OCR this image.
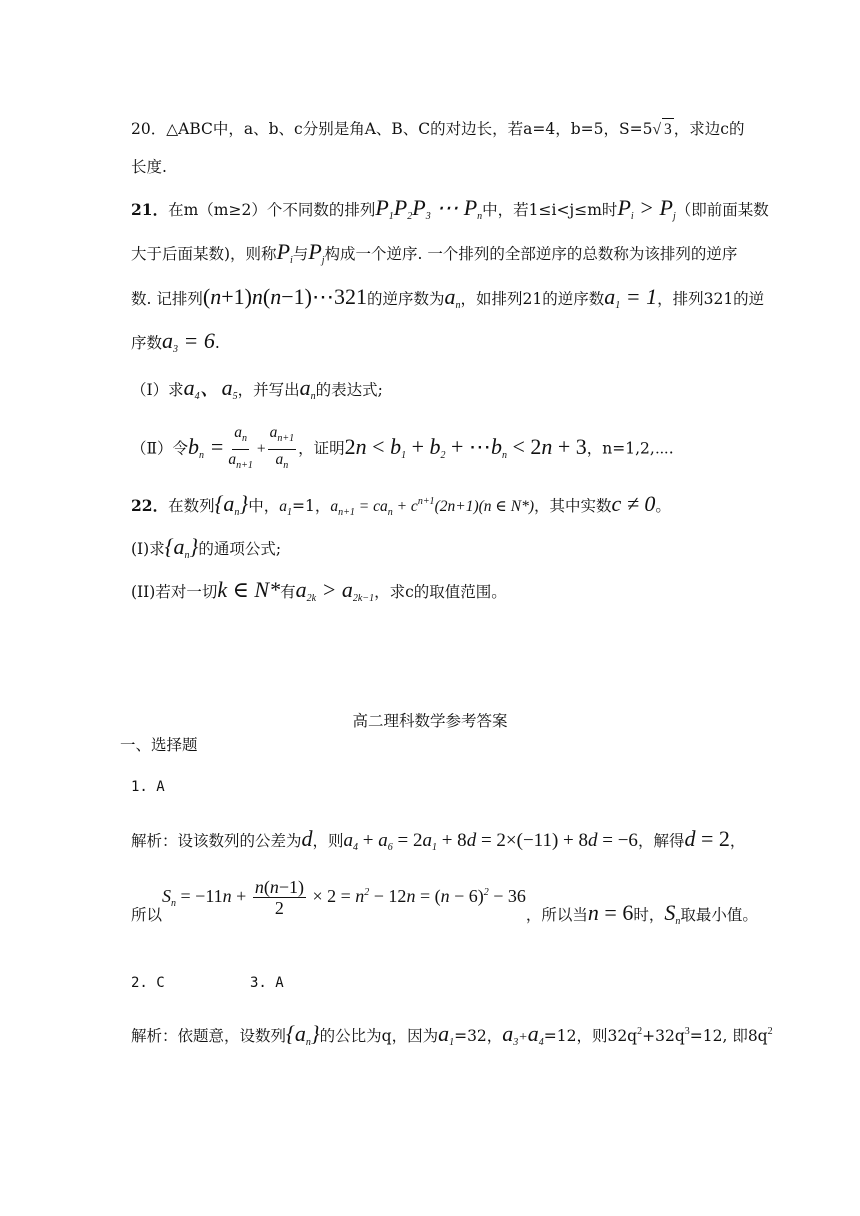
20．△ABC中，a、b、c分别是角A、B、C的对边长，若a=4，b=5，S=5√ 3 ，求边c的
长度.
21．在m（m≥2）个不同数的排列$P_1P_2P_3$ ⋯ $P_n$中，若1≤i<j≤m时$P_i > P_j$（即前面某数
大于后面某数)，则称$P_i$与$P_j$构成一个逆序. 一个排列的全部逆序的总数称为该排列的逆序
数. 记排列(n+1)n(n−1)⋯321的逆序数为$a_n$，如排列21的逆序数$a_1 = 1$，排列321的逆
序数$a_3 = 6$.
（Ⅰ）求$a_4$、$a_5$，并写出$a_n$的表达式;
（Ⅱ）令$b_n = \frac{a_n}{a_{n+1}} + \frac{a_{n+1}}{a_n}$ ，证明$2n < b_1 + b_2$ + $\cdots b_n < 2n + 3$，n=1,2,⋯.
22．在数列$\{a_n\}$中，$a_1=1$，$a_{n+1} = ca_n + c^{n+1}(2n+1)(n$ ∈ N*)，其中实数c ≠ 0。
(I)求$\{a_n\}$的通项公式;
(II)若对一切k ∈ N*有$a_{2k} > a_{2k-1}$，求c的取值范围。
高二理科数学参考答案
一、选择题
1. A
解析：设该数列的公差为d，则$a_4 + a_6 = 2a_1 + 8d = 2\times(-11) + 8d = -6$，解得d = 2，
所以$S_n = -11n + \frac{n(n-1)}{2} \times 2 = n^2 - 12n = (n - 6)^2 - 36$，所以当n = 6时，$S_n$取最小值。
2. C	3. A
解析：依题意，设数列$\{a_n\}$的公比为q，因为$a_1=32$，$a_3+a_4=12$，则$32q^2+32q^3=12$, 即$8q^2$
